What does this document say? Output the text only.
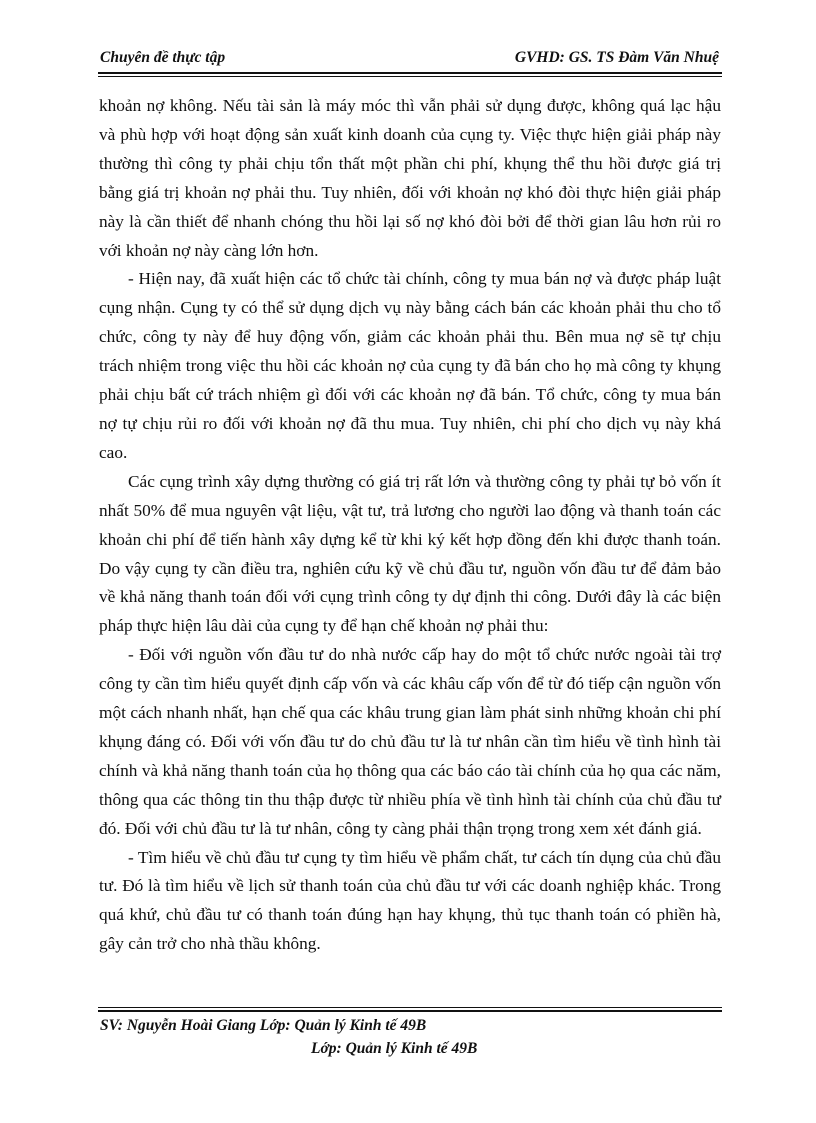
Chuyên đề thực tập	GVHD: GS. TS Đàm Văn Nhuệ

khoản nợ không. Nếu tài sản là máy móc thì vẫn phải sử dụng được, không quá lạc hậu và phù hợp với hoạt động sản xuất kinh doanh của cụng ty. Việc thực hiện giải pháp này thường thì công ty phải chịu tổn thất một phần chi phí, khụng thể thu hồi được giá trị bằng giá trị khoản nợ phải thu. Tuy nhiên, đối với khoản nợ khó đòi thực hiện giải pháp này là cần thiết để nhanh chóng thu hồi lại số nợ khó đòi bởi để thời gian lâu hơn rủi ro với khoản nợ này càng lớn hơn.

- Hiện nay, đã xuất hiện các tổ chức tài chính, công ty mua bán nợ và được pháp luật cụng nhận. Cụng ty có thể sử dụng dịch vụ này bằng cách bán các khoản phải thu cho tổ chức, công ty này để huy động vốn, giảm các khoản phải thu. Bên mua nợ sẽ tự chịu trách nhiệm trong việc thu hồi các khoản nợ của cụng ty đã bán cho họ mà công ty khụng phải chịu bất cứ trách nhiệm gì đối với các khoản nợ đã bán. Tổ chức, công ty mua bán nợ tự chịu rủi ro đối với khoản nợ đã thu mua. Tuy nhiên, chi phí cho dịch vụ này khá cao.

Các cụng trình xây dựng thường có giá trị rất lớn và thường công ty phải tự bỏ vốn ít nhất 50% để mua nguyên vật liệu, vật tư, trả lương cho người lao động và thanh toán các khoản chi phí để tiến hành xây dựng kể từ khi ký kết hợp đồng đến khi được thanh toán. Do vậy cụng ty cần điều tra, nghiên cứu kỹ về chủ đầu tư, nguồn vốn đầu tư để đảm bảo về khả năng thanh toán đối với cụng trình công ty dự định thi công. Dưới đây là các biện pháp thực hiện lâu dài của cụng ty để hạn chế khoản nợ phải thu:

- Đối với nguồn vốn đầu tư do nhà nước cấp hay do một tổ chức nước ngoài tài trợ công ty cần tìm hiểu quyết định cấp vốn và các khâu cấp vốn để từ đó tiếp cận nguồn vốn một cách nhanh nhất, hạn chế qua các khâu trung gian làm phát sinh những khoản chi phí khụng đáng có. Đối với vốn đầu tư do chủ đầu tư là tư nhân cần tìm hiểu về tình hình tài chính và khả năng thanh toán của họ thông qua các báo cáo tài chính của họ qua các năm, thông qua các thông tin thu thập được từ nhiều phía về tình hình tài chính của chủ đầu tư đó. Đối với chủ đầu tư là tư nhân, công ty càng phải thận trọng trong xem xét đánh giá.

- Tìm hiểu về chủ đầu tư cụng ty tìm hiểu về phẩm chất, tư cách tín dụng của chủ đầu tư. Đó là tìm hiểu về lịch sử thanh toán của chủ đầu tư với các doanh nghiệp khác. Trong quá khứ, chủ đầu tư có thanh toán đúng hạn hay khụng, thủ tục thanh toán có phiền hà, gây cản trở cho nhà thầu không.

SV: Nguyễn Hoài Giang Lớp: Quản lý Kinh tế 49B
Lớp: Quản lý Kinh tế 49B
